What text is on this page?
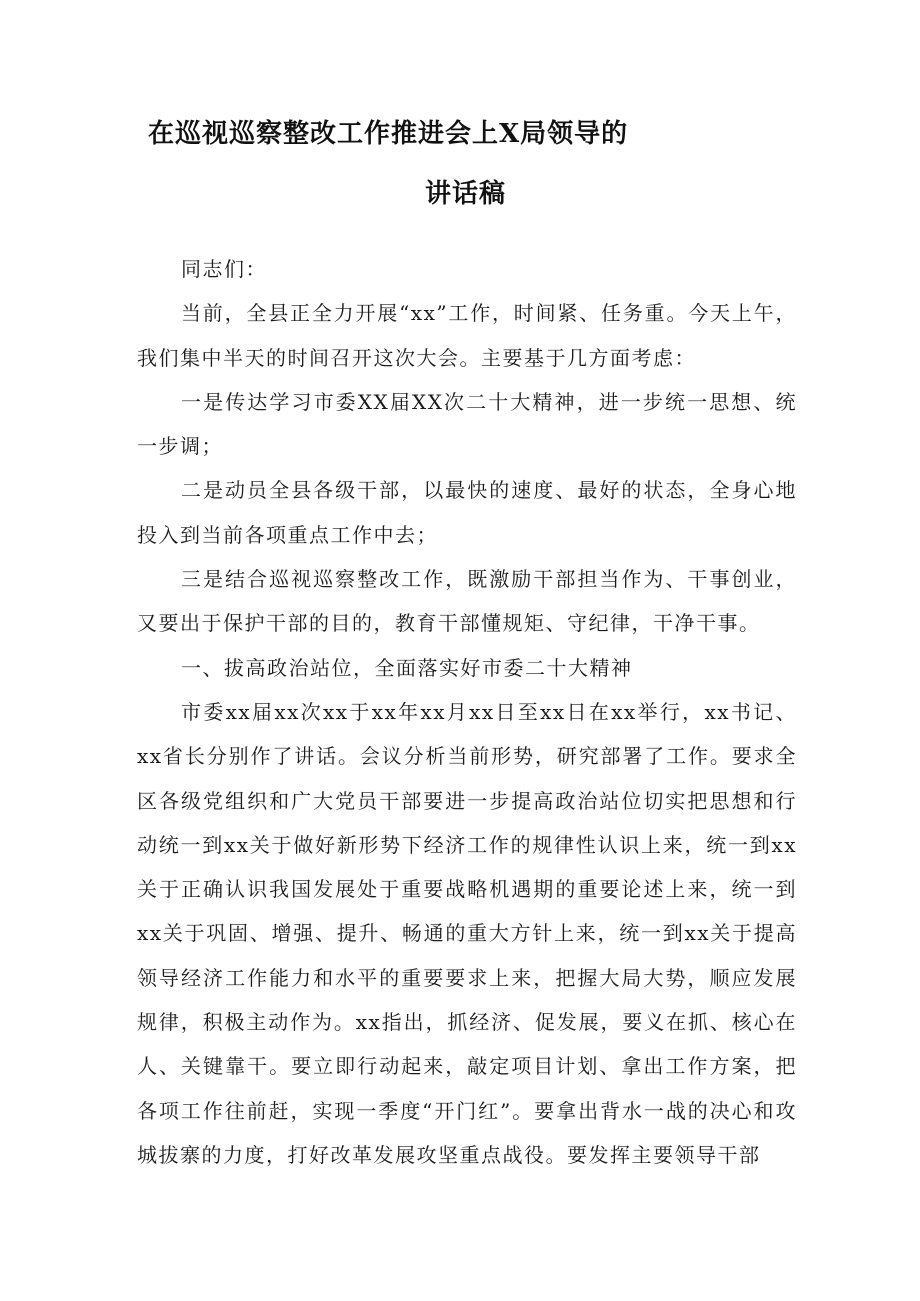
在巡视巡察整改工作推进会上X局领导的
讲话稿

同志们：

当前，全县正全力开展“xx”工作，时间紧、任务重。今天上午，我们集中半天的时间召开这次大会。主要基于几方面考虑：

一是传达学习市委XX届XX次二十大精神，进一步统一思想、统一步调；

二是动员全县各级干部，以最快的速度、最好的状态，全身心地投入到当前各项重点工作中去；

三是结合巡视巡察整改工作，既激励干部担当作为、干事创业，又要出于保护干部的目的，教育干部懂规矩、守纪律，干净干事。

一、拔高政治站位，全面落实好市委二十大精神

市委xx届xx次xx于xx年xx月xx日至xx日在xx举行，xx书记、xx省长分别作了讲话。会议分析当前形势，研究部署了工作。要求全区各级党组织和广大党员干部要进一步提高政治站位切实把思想和行动统一到xx关于做好新形势下经济工作的规律性认识上来，统一到xx关于正确认识我国发展处于重要战略机遇期的重要论述上来，统一到xx关于巩固、增强、提升、畅通的重大方针上来，统一到xx关于提高领导经济工作能力和水平的重要要求上来，把握大局大势，顺应发展规律，积极主动作为。xx指出，抓经济、促发展，要义在抓、核心在人、关键靠干。要立即行动起来，敲定项目计划、拿出工作方案，把各项工作往前赶，实现一季度“开门红”。要拿出背水一战的决心和攻城拔寨的力度，打好改革发展攻坚重点战役。要发挥主要领导干部
